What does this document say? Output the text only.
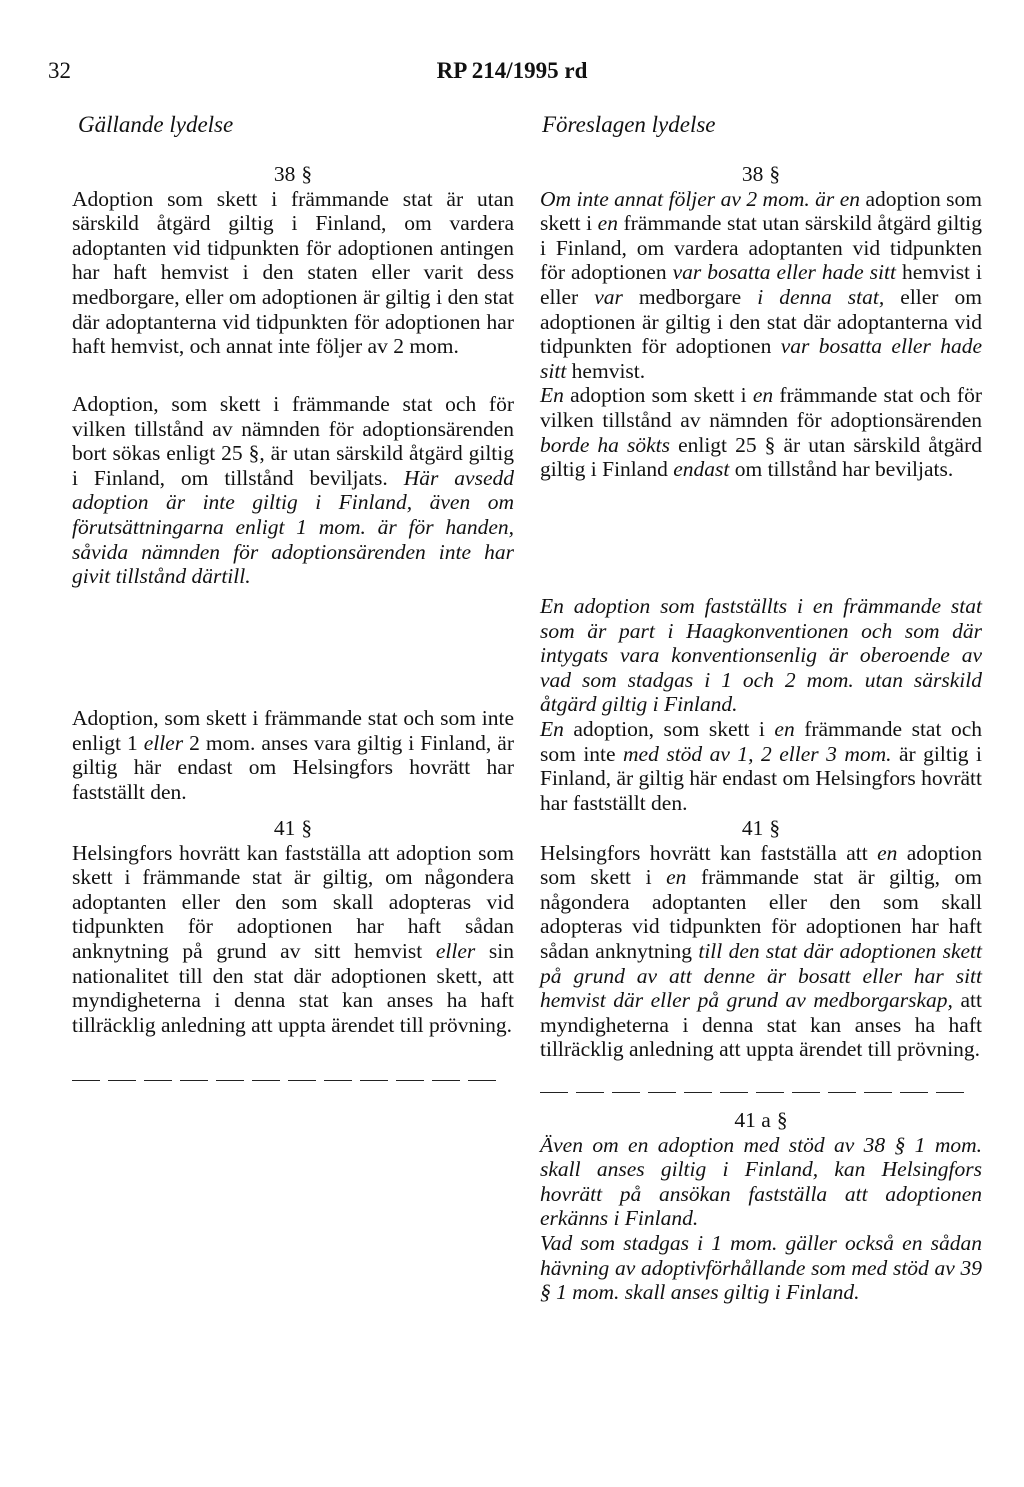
32	RP 214/1995 rd
Gällande lydelse	Föreslagen lydelse

38 §

Adoption som skett i främmande stat är utan särskild åtgärd giltig i Finland, om vardera adoptanten vid tidpunkten för adoptionen antingen har haft hemvist i den staten eller varit dess medborgare, eller om adoptionen är giltig i den stat där adoptanterna vid tidpunkten för adoptionen har haft hemvist, och annat inte följer av 2 mom.

Adoption, som skett i främmande stat och för vilken tillstånd av nämnden för adoptionsärenden bort sökas enligt 25 §, är utan särskild åtgärd giltig i Finland, om tillstånd beviljats. Här avsedd adoption är inte giltig i Finland, även om förutsättningarna enligt 1 mom. är för handen, såvida nämnden för adoptionsärenden inte har givit tillstånd därtill.

Adoption, som skett i främmande stat och som inte enligt 1 eller 2 mom. anses vara giltig i Finland, är giltig här endast om Helsingfors hovrätt har fastställt den.

41 §

Helsingfors hovrätt kan fastställa att adoption som skett i främmande stat är giltig, om någondera adoptanten eller den som skall adopteras vid tidpunkten för adoptionen har haft sådan anknytning på grund av sitt hemvist eller sin nationalitet till den stat där adoptionen skett, att myndigheterna i denna stat kan anses ha haft tillräcklig anledning att uppta ärendet till prövning.

38 §

Om inte annat följer av 2 mom. är en adoption som skett i en främmande stat utan särskild åtgärd giltig i Finland, om vardera adoptanten vid tidpunkten för adoptionen var bosatta eller hade sitt hemvist i eller var medborgare i denna stat, eller om adoptionen är giltig i den stat där adoptanterna vid tidpunkten för adoptionen var bosatta eller hade sitt hemvist.

En adoption som skett i en främmande stat och för vilken tillstånd av nämnden för adoptionsärenden borde ha sökts enligt 25 § är utan särskild åtgärd giltig i Finland endast om tillstånd har beviljats.

En adoption som fastställts i en främmande stat som är part i Haagkonventionen och som där intygats vara konventionsenlig är oberoende av vad som stadgas i 1 och 2 mom. utan särskild åtgärd giltig i Finland.

En adoption, som skett i en främmande stat och som inte med stöd av 1, 2 eller 3 mom. är giltig i Finland, är giltig här endast om Helsingfors hovrätt har fastställt den.

41 §

Helsingfors hovrätt kan fastställa att en adoption som skett i en främmande stat är giltig, om någondera adoptanten eller den som skall adopteras vid tidpunkten för adoptionen har haft sådan anknytning till den stat där adoptionen skett på grund av att denne är bosatt eller har sitt hemvist där eller på grund av medborgarskap, att myndigheterna i denna stat kan anses ha haft tillräcklig anledning att uppta ärendet till prövning.

41 a §

Även om en adoption med stöd av 38 § 1 mom. skall anses giltig i Finland, kan Helsingfors hovrätt på ansökan fastställa att adoptionen erkänns i Finland.

Vad som stadgas i 1 mom. gäller också en sådan hävning av adoptivförhållande som med stöd av 39 § 1 mom. skall anses giltig i Finland.
